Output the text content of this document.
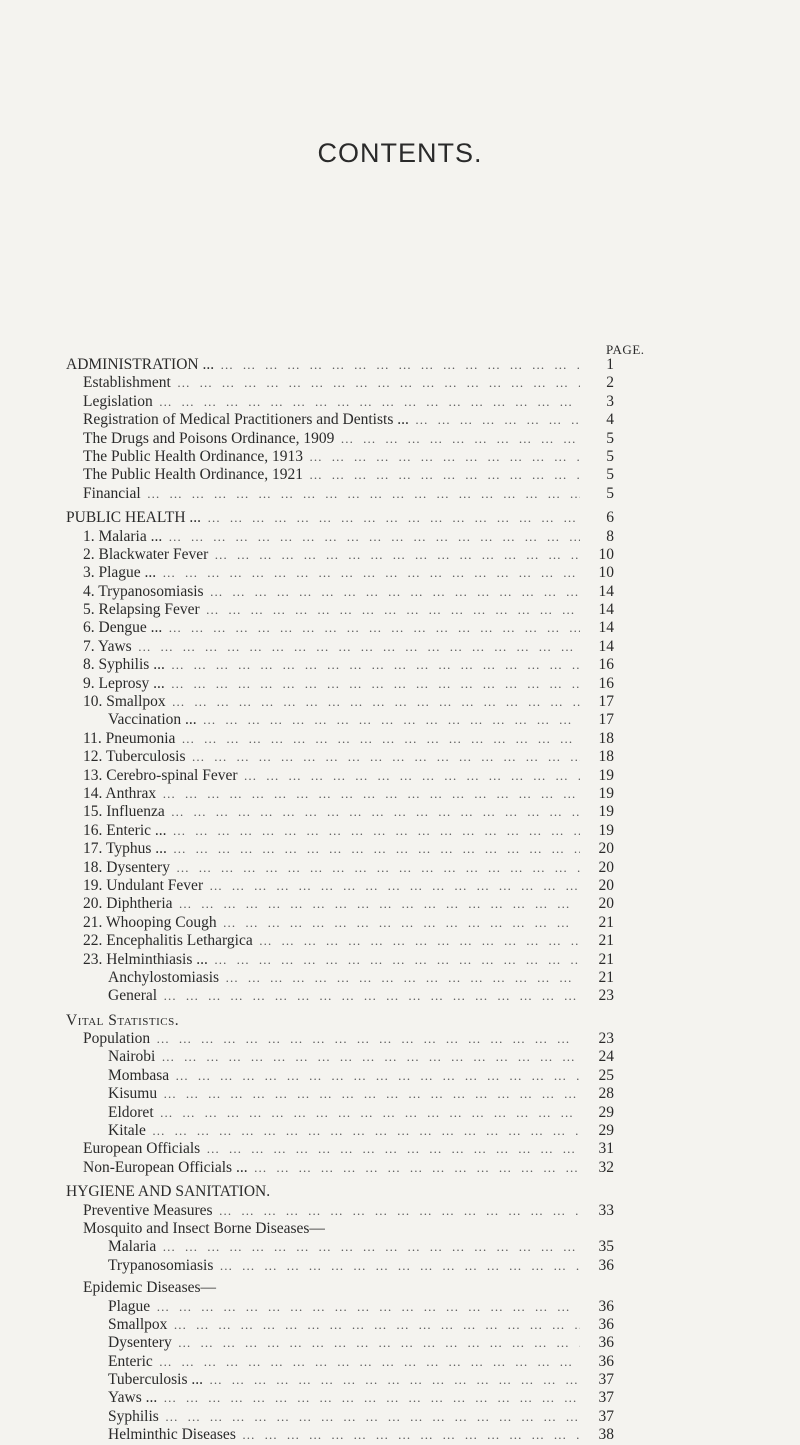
CONTENTS.
PAGE.
ADMINISTRATION ... … … … … … … … … … … … … … … … … … … … … … … … … … … … … … … … … … … … …	1
Establishment … … … … … … … … … … … … … … … … … … … … … … … … … … … … … … … … … … … …	2
Legislation … … … … … … … … … … … … … … … … … … … … … … … … … … … … … … … … … … … …	3
Registration of Medical Practitioners and Dentists ... … … … … … … … … … … … … … … … … … … … … … … … … … … … … … … … … … … … …	4
The Drugs and Poisons Ordinance, 1909 … … … … … … … … … … … … … … … … … … … … … … … … … … … … … … … … … … … …	5
The Public Health Ordinance, 1913 … … … … … … … … … … … … … … … … … … … … … … … … … … … … … … … … … … … …	5
The Public Health Ordinance, 1921 … … … … … … … … … … … … … … … … … … … … … … … … … … … … … … … … … … … …	5
Financial … … … … … … … … … … … … … … … … … … … … … … … … … … … … … … … … … … … …	5
PUBLIC HEALTH ... … … … … … … … … … … … … … … … … … … … … … … … … … … … … … … … … … … … …	6
1. Malaria ... … … … … … … … … … … … … … … … … … … … … … … … … … … … … … … … … … … … …	8
2. Blackwater Fever … … … … … … … … … … … … … … … … … … … … … … … … … … … … … … … … … … … …	10
3. Plague ... … … … … … … … … … … … … … … … … … … … … … … … … … … … … … … … … … … … …	10
4. Trypanosomiasis … … … … … … … … … … … … … … … … … … … … … … … … … … … … … … … … … … … …	14
5. Relapsing Fever … … … … … … … … … … … … … … … … … … … … … … … … … … … … … … … … … … … …	14
6. Dengue ... … … … … … … … … … … … … … … … … … … … … … … … … … … … … … … … … … … … …	14
7. Yaws … … … … … … … … … … … … … … … … … … … … … … … … … … … … … … … … … … … …	14
8. Syphilis ... … … … … … … … … … … … … … … … … … … … … … … … … … … … … … … … … … … … …	16
9. Leprosy ... … … … … … … … … … … … … … … … … … … … … … … … … … … … … … … … … … … … …	16
10. Smallpox … … … … … … … … … … … … … … … … … … … … … … … … … … … … … … … … … … … …	17
Vaccination ... … … … … … … … … … … … … … … … … … … … … … … … … … … … … … … … … … … … …	17
11. Pneumonia … … … … … … … … … … … … … … … … … … … … … … … … … … … … … … … … … … … …	18
12. Tuberculosis … … … … … … … … … … … … … … … … … … … … … … … … … … … … … … … … … … … …	18
13. Cerebro-spinal Fever … … … … … … … … … … … … … … … … … … … … … … … … … … … … … … … … … … … …	19
14. Anthrax … … … … … … … … … … … … … … … … … … … … … … … … … … … … … … … … … … … …	19
15. Influenza … … … … … … … … … … … … … … … … … … … … … … … … … … … … … … … … … … … …	19
16. Enteric ... … … … … … … … … … … … … … … … … … … … … … … … … … … … … … … … … … … … …	19
17. Typhus ... … … … … … … … … … … … … … … … … … … … … … … … … … … … … … … … … … … … …	20
18. Dysentery … … … … … … … … … … … … … … … … … … … … … … … … … … … … … … … … … … … …	20
19. Undulant Fever … … … … … … … … … … … … … … … … … … … … … … … … … … … … … … … … … … … …	20
20. Diphtheria … … … … … … … … … … … … … … … … … … … … … … … … … … … … … … … … … … … …	20
21. Whooping Cough … … … … … … … … … … … … … … … … … … … … … … … … … … … … … … … … … … … …	21
22. Encephalitis Lethargica … … … … … … … … … … … … … … … … … … … … … … … … … … … … … … … … … … … …	21
23. Helminthiasis ... … … … … … … … … … … … … … … … … … … … … … … … … … … … … … … … … … … … …	21
Anchylostomiasis … … … … … … … … … … … … … … … … … … … … … … … … … … … … … … … … … … … …	21
General … … … … … … … … … … … … … … … … … … … … … … … … … … … … … … … … … … … …	23
Vital Statistics.
Population … … … … … … … … … … … … … … … … … … … … … … … … … … … … … … … … … … … …	23
Nairobi … … … … … … … … … … … … … … … … … … … … … … … … … … … … … … … … … … … …	24
Mombasa … … … … … … … … … … … … … … … … … … … … … … … … … … … … … … … … … … … …	25
Kisumu … … … … … … … … … … … … … … … … … … … … … … … … … … … … … … … … … … … …	28
Eldoret … … … … … … … … … … … … … … … … … … … … … … … … … … … … … … … … … … … …	29
Kitale … … … … … … … … … … … … … … … … … … … … … … … … … … … … … … … … … … … …	29
European Officials … … … … … … … … … … … … … … … … … … … … … … … … … … … … … … … … … … … …	31
Non-European Officials ... … … … … … … … … … … … … … … … … … … … … … … … … … … … … … … … … … … … …	32
HYGIENE AND SANITATION.
Preventive Measures … … … … … … … … … … … … … … … … … … … … … … … … … … … … … … … … … … … …	33
Mosquito and Insect Borne Diseases—
Malaria … … … … … … … … … … … … … … … … … … … … … … … … … … … … … … … … … … … …	35
Trypanosomiasis … … … … … … … … … … … … … … … … … … … … … … … … … … … … … … … … … … … …	36
Epidemic Diseases—
Plague … … … … … … … … … … … … … … … … … … … … … … … … … … … … … … … … … … … …	36
Smallpox … … … … … … … … … … … … … … … … … … … … … … … … … … … … … … … … … … … …	36
Dysentery … … … … … … … … … … … … … … … … … … … … … … … … … … … … … … … … … … … …	36
Enteric … … … … … … … … … … … … … … … … … … … … … … … … … … … … … … … … … … … …	36
Tuberculosis ... … … … … … … … … … … … … … … … … … … … … … … … … … … … … … … … … … … … …	37
Yaws ... … … … … … … … … … … … … … … … … … … … … … … … … … … … … … … … … … … … …	37
Syphilis … … … … … … … … … … … … … … … … … … … … … … … … … … … … … … … … … … … …	37
Helminthic Diseases … … … … … … … … … … … … … … … … … … … … … … … … … … … … … … … … … … … …	38
